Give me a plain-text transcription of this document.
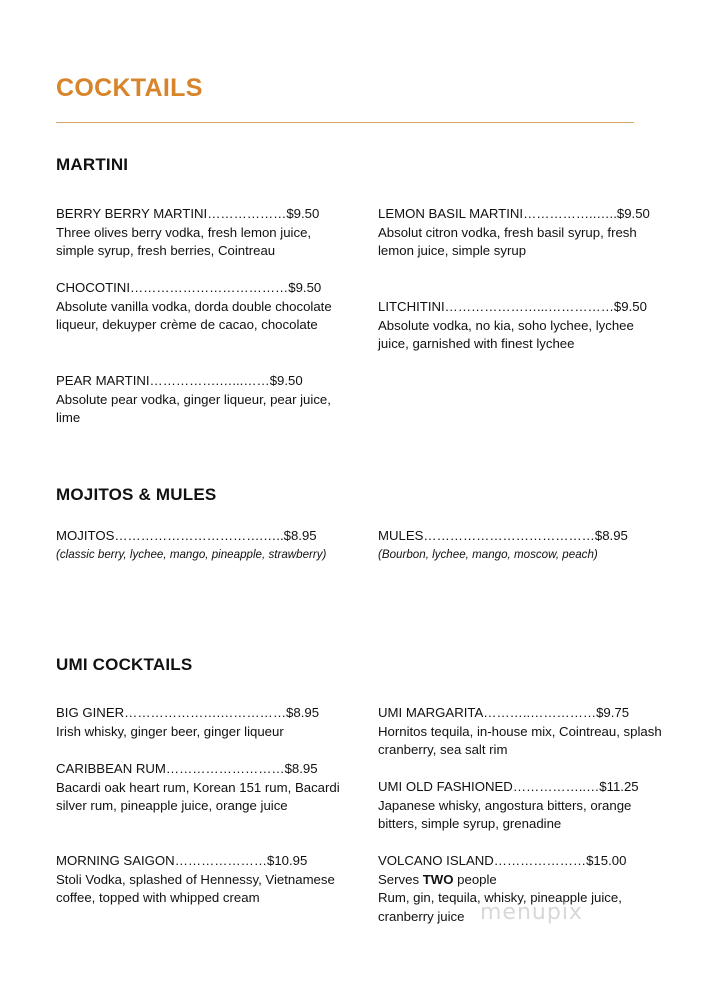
COCKTAILS
MARTINI
BERRY BERRY MARTINI………………$9.50
Three olives berry vodka, fresh lemon juice, simple syrup, fresh berries, Cointreau
LEMON BASIL MARTINI……………..…..$9.50
Absolut citron vodka, fresh basil syrup, fresh lemon juice, simple syrup
CHOCOTINI………………………………$9.50
Absolute vanilla vodka, dorda double chocolate liqueur, dekuyper crème de cacao, chocolate
LITCHITINI…………………...……………$9.50
Absolute vodka, no kia, soho lychee, lychee juice, garnished with finest lychee
PEAR MARTINI…………….…...……$9.50
Absolute pear vodka, ginger liqueur, pear juice, lime
MOJITOS & MULES
MOJITOS…………………………….…..$8.95
(classic berry, lychee, mango, pineapple, strawberry)
MULES…………………………………$8.95
(Bourbon, lychee, mango, moscow, peach)
UMI COCKTAILS
BIG GINER………………….……………$8.95
Irish whisky, ginger beer, ginger liqueur
UMI MARGARITA………..……………$9.75
Hornitos tequila, in-house mix, Cointreau, splash cranberry, sea salt rim
CARIBBEAN RUM………………………$8.95
Bacardi oak heart rum, Korean 151 rum, Bacardi silver rum, pineapple juice, orange juice
UMI OLD FASHIONED……………..…$11.25
Japanese whisky, angostura bitters, orange bitters, simple syrup, grenadine
MORNING SAIGON…………………$10.95
Stoli Vodka, splashed of Hennessy, Vietnamese coffee, topped with whipped cream
VOLCANO ISLAND…………………$15.00
Serves TWO people
Rum, gin, tequila, whisky, pineapple juice, cranberry juice menupix
